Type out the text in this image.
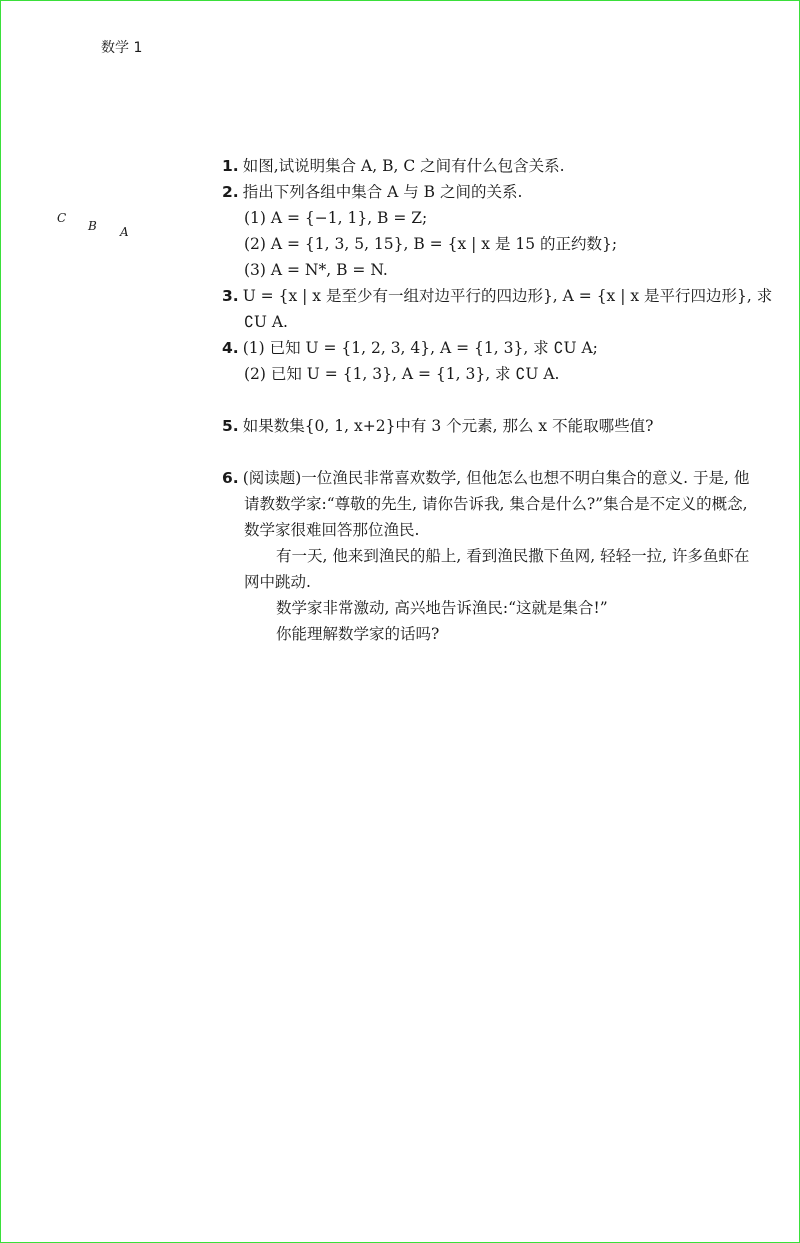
数学 1
C
B A
1. 如图,试说明集合 A, B, C 之间有什么包含关系.
2. 指出下列各组中集合 A 与 B 之间的关系.
(1) A = {−1, 1}, B = Z;
(2) A = {1, 3, 5, 15}, B = {x | x 是 15 的正约数};
(3) A = N*, B = N.
3. U = {x | x 是至少有一组对边平行的四边形}, A = {x | x 是平行四边形}, 求
∁U A.
4. (1) 已知 U = {1, 2, 3, 4}, A = {1, 3}, 求 ∁U A;
(2) 已知 U = {1, 3}, A = {1, 3}, 求 ∁U A.
5. 如果数集{0, 1, x+2}中有 3 个元素, 那么 x 不能取哪些值?
6. (阅读题)一位渔民非常喜欢数学, 但他怎么也想不明白集合的意义. 于是, 他
请教数学家:“尊敬的先生, 请你告诉我, 集合是什么?”集合是不定义的概念,
数学家很难回答那位渔民.
有一天, 他来到渔民的船上, 看到渔民撒下鱼网, 轻轻一拉, 许多鱼虾在
网中跳动.
数学家非常激动, 高兴地告诉渔民:“这就是集合!”
你能理解数学家的话吗?
